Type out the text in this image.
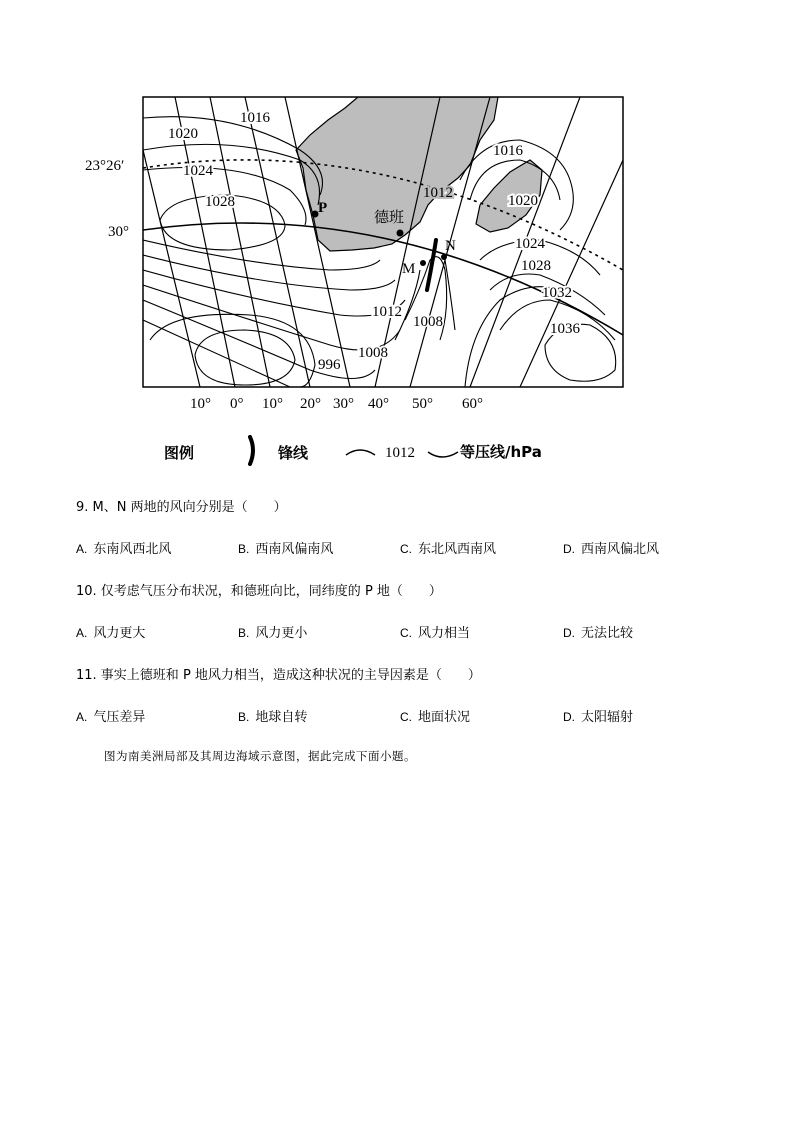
P
德班
M
N
1016
1020
1024
1028
1012
1016
1020
1024
1028
1032
1036
1012
1008
1008
996
23°26′
30°
10° 0° 10° 20° 30° 40° 50° 60°
图例	锋线	1012	等压线/hPa
9. M、N 两地的风向分别是（　　）
A. 东南风西北风	B. 西南风偏南风	C. 东北风西南风	D. 西南风偏北风
10. 仅考虑气压分布状况，和德班向比，同纬度的 P 地（　　）
A. 风力更大	B. 风力更小	C. 风力相当	D. 无法比较
11. 事实上德班和 P 地风力相当，造成这种状况的主导因素是（　　）
A. 气压差异	B. 地球自转	C. 地面状况	D. 太阳辐射
图为南美洲局部及其周边海域示意图，据此完成下面小题。
